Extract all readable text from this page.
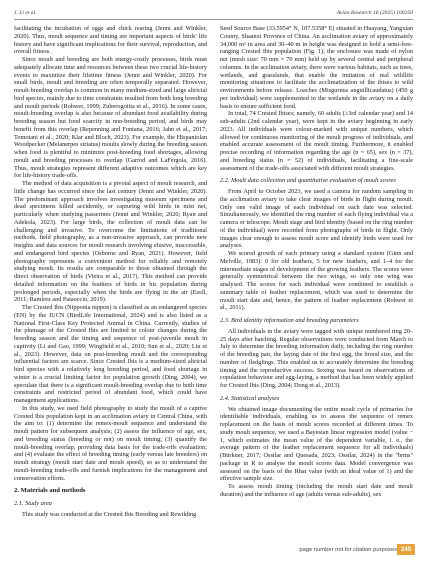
J. Li et al.	Avian Research 16 (2025) 100250

facilitating the incubation of eggs and chick rearing (Jenni and Winkler, 2020). Thus, moult sequence and timing are important aspects of birds' life history and have significant implications for their survival, reproduction, and overall fitness.

Since moult and breeding are both energy-costly processes, birds must adequately allocate time and resources between these two crucial life-history events to maximize their lifetime fitness (Jenni and Winkler, 2020). For small birds, moult and breeding are often temporally separated. However, moult-breeding overlap is common in many medium-sized and large altricial bird species, mainly due to time constraints resulted from both long breeding and moult periods (Rohwer, 1999; Zuberogoitia et al., 2016). In some cases, moult-breeding overlap is also because of abundant food availability during breeding season but food scarcity in non-breeding period, and birds may benefit from this overlap (Repenning and Fontana, 2016; Jahn et al., 2017; Tomotani et al., 2020; Klar and Bloch, 2023). For example, the Hispaniolan Woodpecker (Melanerpes striatus) moults slowly during the breeding season when food is plentiful to minimize post-breeding food shortages, allowing moult and breeding processes to overlap (Garrod and LaFergola, 2016). Thus, moult strategies represent different adaptive outcomes which are key for life-history trade-offs.

The method of data acquisition is a pivotal aspect of moult research, and little change has occurred since the last century (Jenni and Winkler, 2020). The predominant approach involves investigating museum specimens and dead specimens killed accidently, or capturing wild birds in mist net, particularly when studying passerines (Jenni and Winkler, 2020; Ryan and Adekola, 2023). For large birds, the collection of moult data can be challenging and invasive. To overcome the limitations of traditional methods, field photography, as a non-invasive approach, can provide new insights and data sources for moult research involving elusive, inaccessible, and endangered bird species (Osborne and Ryan, 2021). However, field photography represents a convenient method for reliably and remotely studying moult. Its results are comparable to those obtained through the direct observation of birds (Vieira et al., 2017). This method can provide detailed information on the feathers of birds in his population during prolonged periods, especially when the birds are flying in the air (Ezell, 2011; Ramírez and Paiaoccio, 2019).

The Crested Ibis (Nipponia nippon) is classified as an endangered species (EN) by the IUCN (BirdLife International, 2024) and is also listed as a National First-Class Key Protected Animal in China. Currently, studies of the plumage of the Crested Ibis are limited to colour changes during the breeding season and the timing and sequence of post-juvenile moult in captivity (Li and Gao, 1999; Wingfield et al., 2010; Sun et al., 2020; Liu et al., 2023). However, data on post-breeding moult and the corresponding influential factors are scarce. Since Crested Ibis is a medium-sized altricial bird species with a relatively long breeding period, and food shortage in winter is a crucial limiting factor for population growth (Ding, 2004), we speculate that there is a significant moult-breeding overlap due to both time constraints and restricted period of abundant food, which could have management applications.

In this study, we used field photography to study the moult of a captive Crested Ibis population kept in an acclimation aviary in Central China, with the aim to: (1) determine the remex-moult sequence and understand the moult pattern for subsequent analysis; (2) assess the influence of age, sex, and breeding status (breeding or not) on moult timing; (3) quantify the moult-breeding overlap, providing data basis for the trade-offs evaluation; and (4) evaluate the effect of breeding timing (early versus late breeders) on moult strategy (moult start date and moult speed), so as to understand the moult-breeding trade-offs and furnish implications for the management and conservation efforts.

2. Materials and methods
2.1. Study area

This study was conducted at the Crested Ibis Breeding and Rewilding

Seed Source Base (33.5954° N, 107.5358° E) situated in Huayang, Yangxian County, Shaanxi Province of China. An acclimation aviary of approximately 34,000 m² in area and 30–40 m in height was designed to hold a semi-free-ranging Crested Ibis population (Fig. 1); the enclosure was made of nylon net (mesh size: 70 mm × 70 mm) held up by several central and peripheral columns. In the acclimation aviary, there were various habitats, such as trees, wetlands, and grasslands, that enable the imitation of real wildlife monitoring situations to facilitate the acclimatization of the ibises to wild environments before release. Loaches (Misgurnus anguillicaudatus) (450 g per individual) were supplemented in the wetlands in the aviary on a daily basis to ensure sufficient food.

In total, 74 Crested Ibises; namely, 60 adults (≥3rd calendar year) and 14 sub-adults (2nd calendar year), were kept in the aviary beginning in early 2023. All individuals were colour-marked with unique numbers, which allowed for continuous monitoring of the moult progress of individuals, and enabled accurate assessment of the moult timing. Furthermore, it enabled precise recording of information regarding the age (n = 65), sex (n = 37), and breeding status (n = 52) of individuals, facilitating a fine-scale assessment of the trade-offs associated with different moult strategies.

2.2. Moult data collection and quantitative evaluation of moult scores

From April to October 2023, we used a camera for random sampling in the acclimation aviary to take clear images of birds in flight during moult. Only one valid image of each individual on each date was selected. Simultaneously, we identified the ring number of each flying individual via a camera or telescope. Moult stage and bird identity (based on the ring number of the individual) were recorded from photographs of birds in flight. Only images clear enough to assess moult score and identify birds were used for analyses.

We scored growth of each primary using a standard system (Ginn and Melville, 1983): 0 for old feathers, 5 for new feathers, and 1–4 for the intermediate stages of development of the growing feathers. The scores were generally symmetrical between the two wings, so only one wing was analysed. The scores for each individual were combined to establish a summary table of feather replacement, which was used to determine the moult start date and, hence, the pattern of feather replacement (Rohwer et al., 2011).

2.3. Bird identity information and breeding parameters

All individuals in the aviary were tagged with unique numbered ring 20–25 days after hatching. Regular observations were conducted from March to July to determine the breeding information daily, including the ring number of the breeding pair, the laying date of the first egg, the brood size, and the number of fledglings. This enabled us to accurately determine the breeding timing and the reproductive success. Sexing was based on observations of copulation behaviour and egg-laying, a method that has been widely applied for Crested Ibis (Ding, 2004; Dong et al., 2013).

2.4. Statistical analyses

We obtained image documenting the entire moult cycle of primaries for identifiable individuals, enabling us to assess the sequence of remex replacement on the basis of moult scores recorded at different times. To study moult sequence, we used a Bayesian linear regression model (value − 1, which estimates the mean value of the dependent variable, i. e., the average pattern of the feather replacement sequence for all individuals) (Bürkner, 2017; Ossilar and Quesada, 2023; Ossilar, 2024) in the "brms" package in R to analyse the moult scores data. Model convergence was assessed on the basis of the Rhat value (with an ideal value of 1) and the effective sample size.

To assess moult timing (including the moult start date and moult duration) and the influence of age (adults versus sub-adults), sex

page number not for citation purposes 245
